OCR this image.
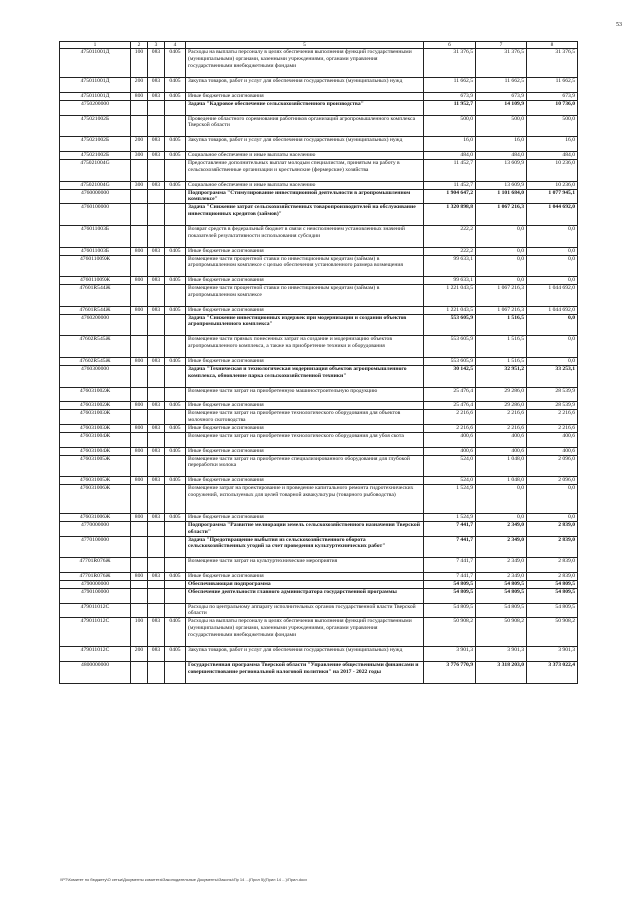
53
1	2	3	4	5	6	7	8
475011001Д	100	083	0405	Расходы на выплаты персоналу в целях обеспечения выполнения функций государственными (муниципальными) органами, казенными учреждениями, органами управления государственными внебюджетными фондами	31 376,5	31 376,5	31 376,5
475011001Д	200	083	0405	Закупка товаров, работ и услуг для обеспечения государственных (муниципальных) нужд	11 662,5	11 662,5	11 662,5
475011001Д	800	083	0405	Иные бюджетные ассигнования	673,9	673,9	673,9
4750200000				Задача "Кадровое обеспечение сельскохозяйственного производства"	11 952,7	14 109,9	10 736,0
475021002Б				Проведение областного соревнования работников организаций агропромышленного комплекса Тверской области	500,0	500,0	500,0
475021002Б	200	083	0405	Закупка товаров, работ и услуг для обеспечения государственных (муниципальных) нужд	16,0	16,0	16,0
475021002Б	300	083	0405	Социальное обеспечение и иные выплаты населению	484,0	484,0	484,0
475021004G				Предоставление дополнительных выплат молодым специалистам, принятым на работу в сельскохозяйственные организации и крестьянские (фермерские) хозяйства	11 452,7	13 609,9	10 236,0
475021004G	300	083	0405	Социальное обеспечение и иные выплаты населению	11 452,7	13 609,9	10 236,0
4760000000				Подпрограмма "Стимулирование инвестиционной деятельности в агропромышленном комплексе"	1 904 647,2	1 101 684,0	1 077 945,1
4760100000				Задача "Снижение затрат сельскохозяйственных товаропроизводителей на обслуживание инвестиционных кредитов (займов)"	1 320 898,8	1 067 216,3	1 044 692,0
476011003Б				Возврат средств в федеральный бюджет в связи с неисполнением установленных значений показателей результативности использования субсидии	222,2	0,0	0,0
476011003Б	800	083	0405	Иные бюджетные ассигнования	222,2	0,0	0,0
476011009Ж				Возмещение части процентной ставки по инвестиционным кредитам (займам) в агропромышленном комплексе с целью обеспечения установленного размера возмещения	99 633,1	0,0	0,0
476011009Ж	800	083	0405	Иные бюджетные ассигнования	99 633,1	0,0	0,0
47601R544Ж				Возмещение части процентной ставки по инвестиционным кредитам (займам) в агропромышленном комплексе	1 221 043,5	1 067 216,3	1 044 692,0
47601R544Ж	800	083	0405	Иные бюджетные ассигнования	1 221 043,5	1 067 216,3	1 044 692,0
4760200000				Задача "Снижение инвестиционных издержек при модернизации и создании объектов агропромышленного комплекса"	553 605,9	1 516,5	0,0
47602R545Ж				Возмещение части прямых понесенных затрат на создание и модернизацию объектов агропромышленного комплекса, а также на приобретение техники и оборудования	553 605,9	1 516,5	0,0
47602R545Ж	800	083	0405	Иные бюджетные ассигнования	553 605,9	1 516,5	0,0
4760300000				Задача "Техническая и технологическая модернизация объектов агропромышленного комплекса, обновление парка сельскохозяйственной техники"	30 142,5	32 951,2	33 253,1
476031002Ж				Возмещение части затрат на приобретенную машиностроительную продукцию	25 476,4	29 286,0	28 539,9
476031002Ж	800	083	0405	Иные бюджетные ассигнования	25 476,4	29 286,0	28 539,9
476031003Ж				Возмещение части затрат на приобретение технологического оборудования для объектов молочного скотоводства	2 216,6	2 216,6	2 216,6
476031003Ж	800	083	0405	Иные бюджетные ассигнования	2 216,6	2 216,6	2 216,6
476031004Ж				Возмещение части затрат на приобретение технологического оборудования для убоя скота	400,6	400,6	400,6
476031004Ж	800	083	0405	Иные бюджетные ассигнования	400,6	400,6	400,6
476031005Ж				Возмещение части затрат на приобретение специализированного оборудования для глубокой переработки молока	524,0	1 048,0	2 096,0
476031005Ж	800	083	0405	Иные бюджетные ассигнования	524,0	1 048,0	2 096,0
476031006Ж				Возмещение затрат на проектирование и проведение капитального ремонта гидротехнических сооружений, используемых для целей товарной аквакультуры (товарного рыбоводства)	1 524,9	0,0	0,0
476031006Ж	800	083	0405	Иные бюджетные ассигнования	1 524,9	0,0	0,0
4770000000				Подпрограмма "Развитие мелиорации земель сельскохозяйственного назначения Тверской области"	7 441,7	2 349,0	2 839,0
4770100000				Задача "Предотвращение выбытия из сельскохозяйственного оборота сельскохозяйственных угодий за счет проведения культуртехнических работ"	7 441,7	2 349,0	2 839,0
47701R076Ж				Возмещение части затрат на культуртехнические мероприятия	7 441,7	2 349,0	2 839,0
47701R076Ж	800	083	0405	Иные бюджетные ассигнования	7 441,7	2 349,0	2 839,0
4790000000				Обеспечивающая подпрограмма	54 809,5	54 809,5	54 809,5
4790100000				Обеспечение деятельности главного администратора государственной программы	54 809,5	54 809,5	54 809,5
479011012С				Расходы по центральному аппарату исполнительных органов государственной власти Тверской области	54 809,5	54 809,5	54 809,5
479011012С	100	083	0405	Расходы на выплаты персоналу в целях обеспечения выполнения функций государственными (муниципальными) органами, казенными учреждениями, органами управления государственными внебюджетными фондами	50 908,2	50 908,2	50 908,2
479011012С	200	083	0405	Закупка товаров, работ и услуг для обеспечения государственных (муниципальных) нужд	3 901,3	3 901,3	3 901,3
4800000000				Государственная программа Тверской области "Управление общественными финансами и совершенствование региональной налоговой политики" на 2017 - 2022 годы	3 776 770,9	3 318 203,0	3 373 022,4
\\PT\Комитет по бюджету\О сетьи\Документы комитета\Законодательные Документы\Законы\Пр 14 ...(Прил 5)(Прил 14 ...)\Прил.docx
